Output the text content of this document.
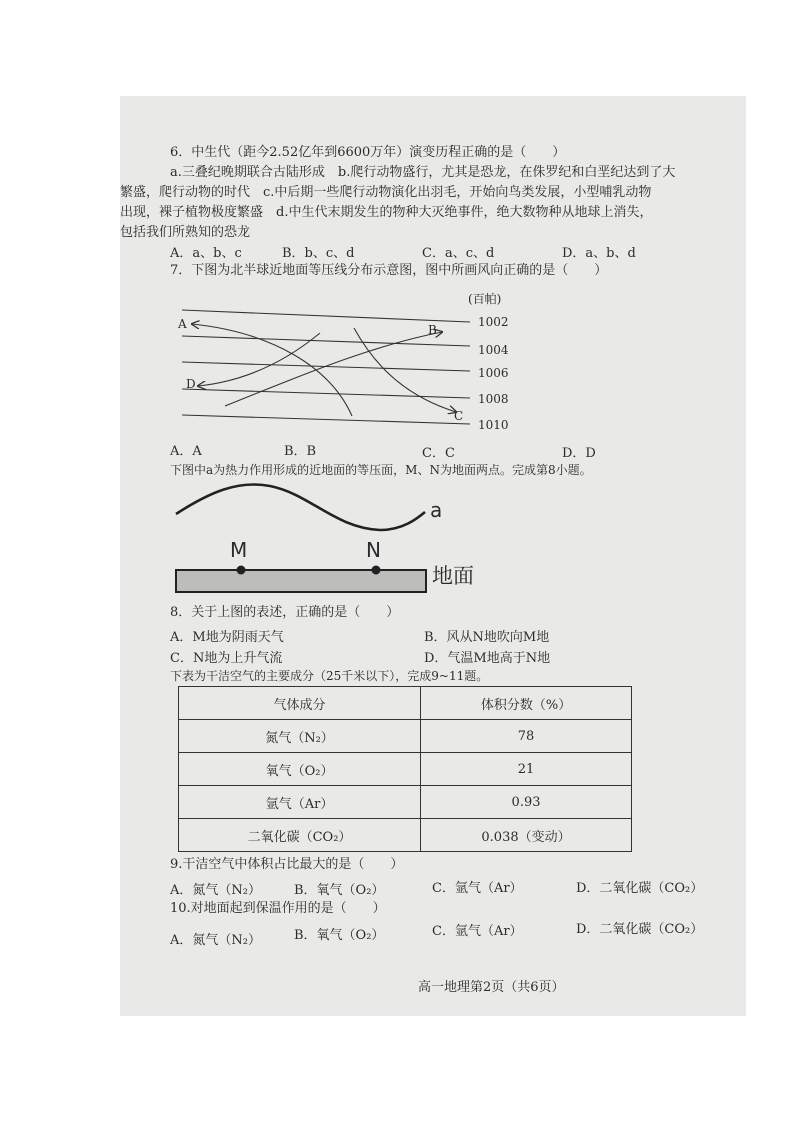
6．中生代（距今2.52亿年到6600万年）演变历程正确的是（　　）
a.三叠纪晚期联合古陆形成　b.爬行动物盛行，尤其是恐龙，在侏罗纪和白垩纪达到了大
繁盛，爬行动物的时代　c.中后期一些爬行动物演化出羽毛，开始向鸟类发展，小型哺乳动物
出现，裸子植物极度繁盛　d.中生代末期发生的物种大灭绝事件，绝大数物种从地球上消失，
包括我们所熟知的恐龙
A．a、b、c	B．b、c、d	C．a、c、d	D．a、b、d
7．下图为北半球近地面等压线分布示意图，图中所画风向正确的是（　　）
(百帕)
1002
1004
1006
1008
1010
A	B
D
C
A．A	B．B	C．C	D．D
下图中a为热力作用形成的近地面的等压面，M、N为地面两点。完成第8小题。
a
M	N
地面
8．关于上图的表述，正确的是（　　）
A．M地为阴雨天气	B．风从N地吹向M地
C．N地为上升气流	D．气温M地高于N地
下表为干洁空气的主要成分（25千米以下），完成9~11题。
气体成分	体积分数（%）
氮气（N₂）	78
氧气（O₂）	21
氩气（Ar）	0.93
二氧化碳（CO₂）	0.038（变动）
9.干洁空气中体积占比最大的是（　　）
A．氮气（N₂）	B．氧气（O₂）	C．氩气（Ar）	D．二氧化碳（CO₂）
10.对地面起到保温作用的是（　　）
A．氮气（N₂）	B．氧气（O₂）	C．氩气（Ar）	D．二氧化碳（CO₂）
高一地理第2页（共6页）
